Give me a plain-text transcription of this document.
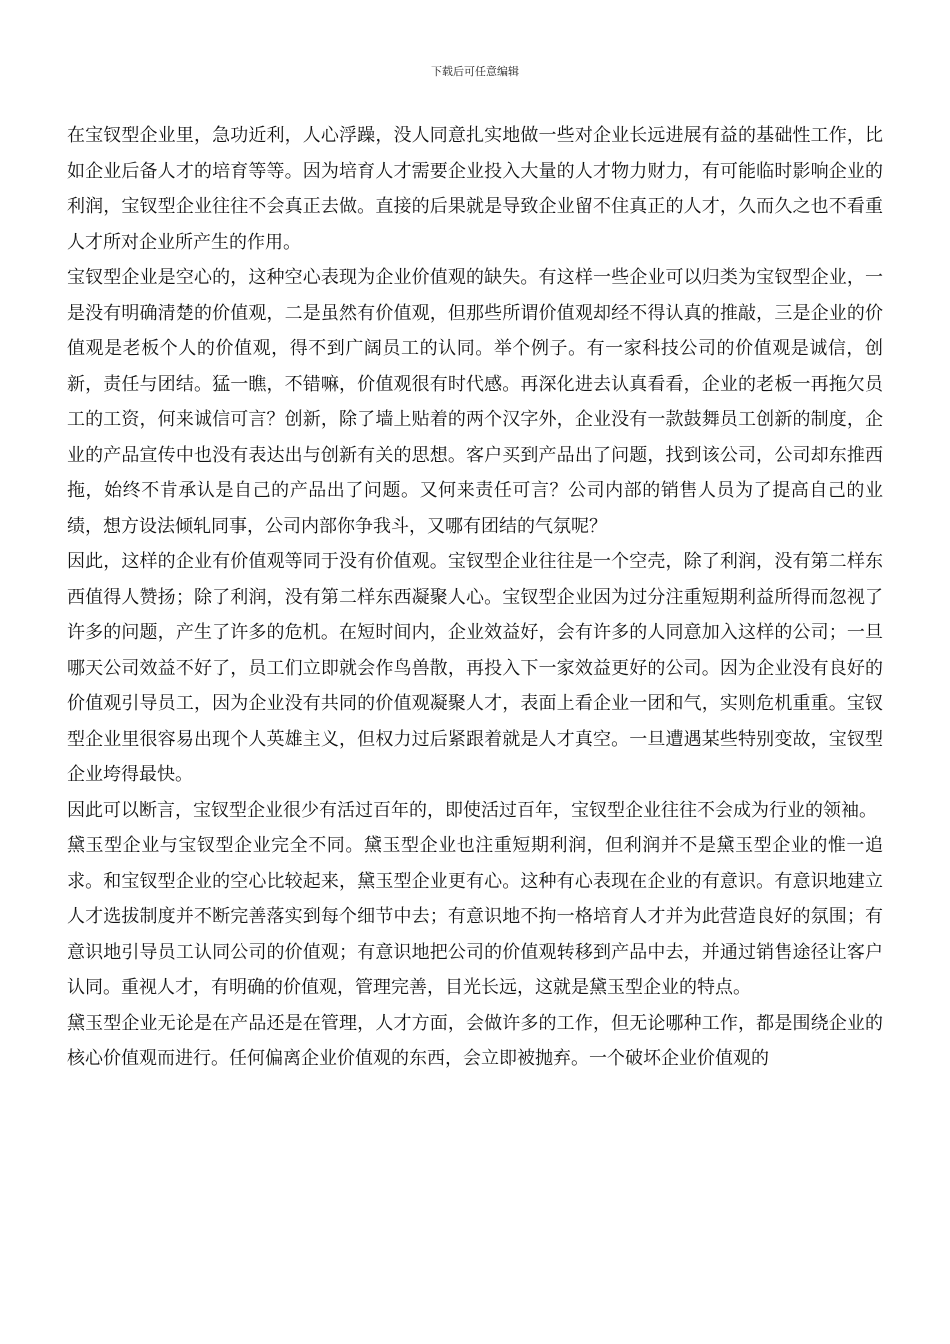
下载后可任意编辑

在宝钗型企业里，急功近利，人心浮躁，没人同意扎实地做一些对企业长远进展有益的基础性工作，比如企业后备人才的培育等等。因为培育人才需要企业投入大量的人才物力财力，有可能临时影响企业的利润，宝钗型企业往往不会真正去做。直接的后果就是导致企业留不住真正的人才，久而久之也不看重人才所对企业所产生的作用。

宝钗型企业是空心的，这种空心表现为企业价值观的缺失。有这样一些企业可以归类为宝钗型企业，一是没有明确清楚的价值观，二是虽然有价值观，但那些所谓价值观却经不得认真的推敲，三是企业的价值观是老板个人的价值观，得不到广阔员工的认同。举个例子。有一家科技公司的价值观是诚信，创新，责任与团结。猛一瞧，不错嘛，价值观很有时代感。再深化进去认真看看，企业的老板一再拖欠员工的工资，何来诚信可言？创新，除了墙上贴着的两个汉字外，企业没有一款鼓舞员工创新的制度，企业的产品宣传中也没有表达出与创新有关的思想。客户买到产品出了问题，找到该公司，公司却东推西拖，始终不肯承认是自己的产品出了问题。又何来责任可言？公司内部的销售人员为了提高自己的业绩，想方设法倾轧同事，公司内部你争我斗，又哪有团结的气氛呢？

因此，这样的企业有价值观等同于没有价值观。宝钗型企业往往是一个空壳，除了利润，没有第二样东西值得人赞扬；除了利润，没有第二样东西凝聚人心。宝钗型企业因为过分注重短期利益所得而忽视了许多的问题，产生了许多的危机。在短时间内，企业效益好，会有许多的人同意加入这样的公司；一旦哪天公司效益不好了，员工们立即就会作鸟兽散，再投入下一家效益更好的公司。因为企业没有良好的价值观引导员工，因为企业没有共同的价值观凝聚人才，表面上看企业一团和气，实则危机重重。宝钗型企业里很容易出现个人英雄主义，但权力过后紧跟着就是人才真空。一旦遭遇某些特别变故，宝钗型企业垮得最快。

因此可以断言，宝钗型企业很少有活过百年的，即使活过百年，宝钗型企业往往不会成为行业的领袖。

黛玉型企业与宝钗型企业完全不同。黛玉型企业也注重短期利润，但利润并不是黛玉型企业的惟一追求。和宝钗型企业的空心比较起来，黛玉型企业更有心。这种有心表现在企业的有意识。有意识地建立人才选拔制度并不断完善落实到每个细节中去；有意识地不拘一格培育人才并为此营造良好的氛围；有意识地引导员工认同公司的价值观；有意识地把公司的价值观转移到产品中去，并通过销售途径让客户认同。重视人才，有明确的价值观，管理完善，目光长远，这就是黛玉型企业的特点。

黛玉型企业无论是在产品还是在管理，人才方面，会做许多的工作，但无论哪种工作，都是围绕企业的核心价值观而进行。任何偏离企业价值观的东西，会立即被抛弃。一个破坏企业价值观的
